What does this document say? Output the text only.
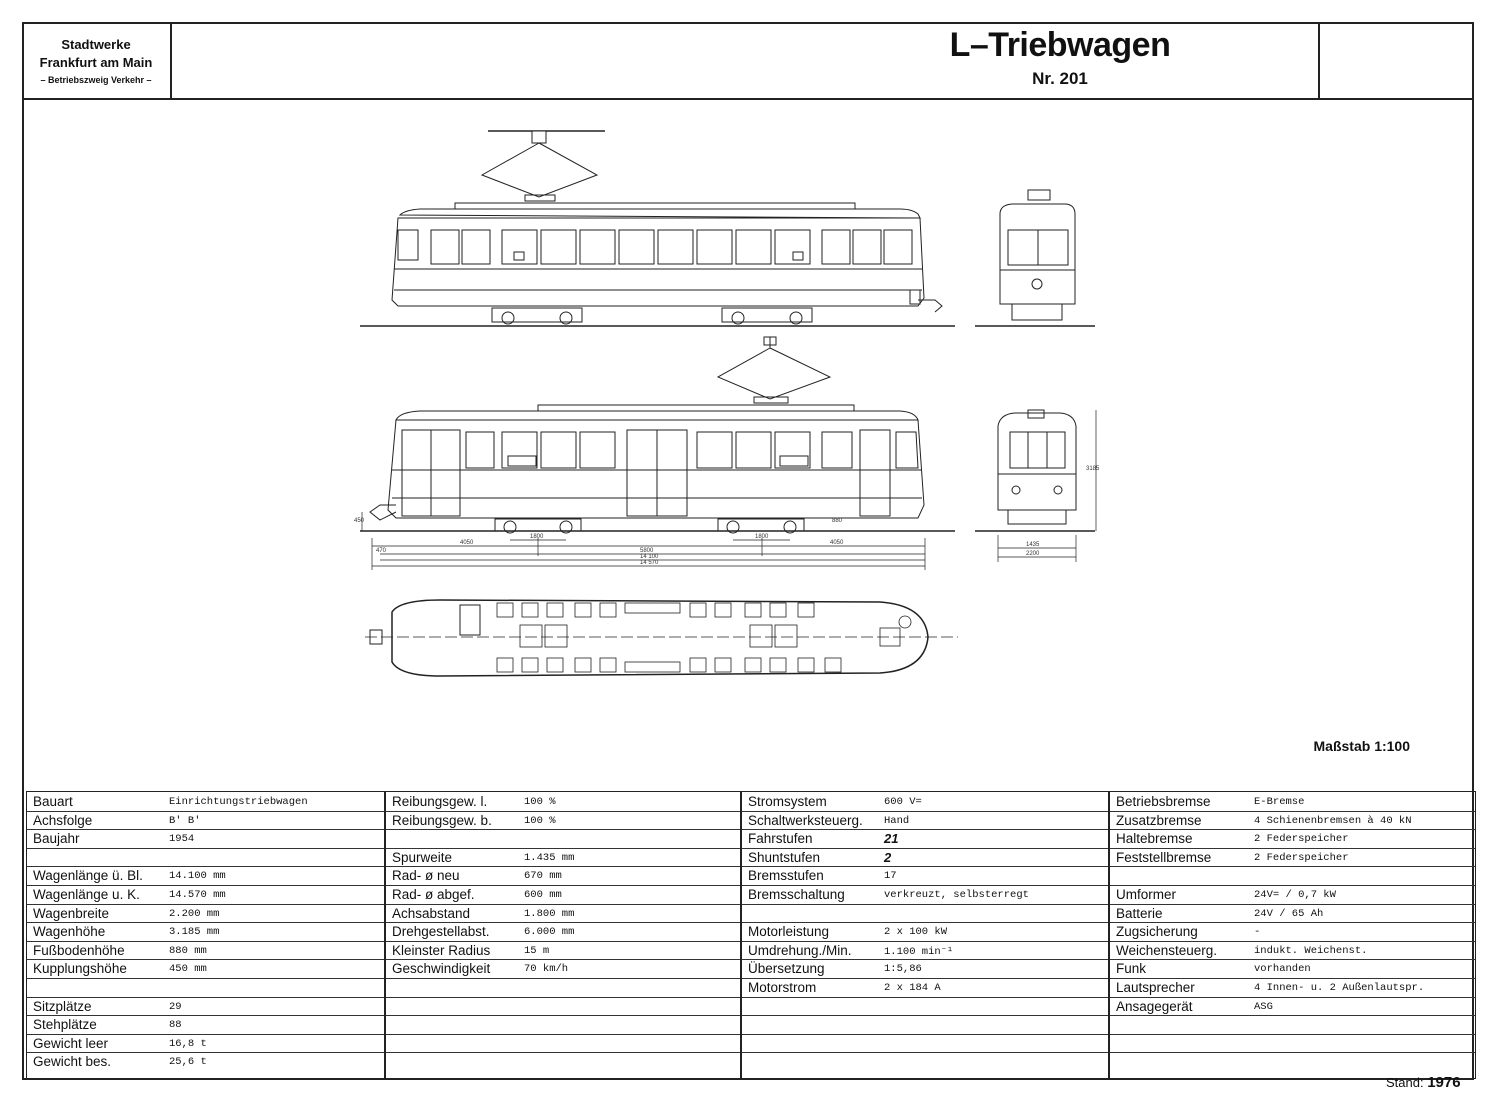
Stadtwerke
Frankfurt am Main
– Betriebszweig Verkehr –
L–Triebwagen
Nr. 201
4050
5800
4050
1800	1800
14 100
14 570
470
450	880
3185
1435
2200
Maßstab 1:100
Bauart	Einrichtungstriebwagen
Achsfolge	B' B'
Baujahr	1954
Wagenlänge ü. Bl. 14.100 mm
Wagenlänge u. K.	14.570 mm
Wagenbreite	2.200 mm
Wagenhöhe	3.185 mm
Fußbodenhöhe	880 mm
Kupplungshöhe	450 mm
Sitzplätze	29
Stehplätze	88
Gewicht leer	16,8 t
Gewicht bes.	25,6 t
Reibungsgew. l.	100 %
Reibungsgew. b.	100 %
Spurweite	1.435 mm
Rad- ø neu	670 mm
Rad- ø abgef.	600 mm
Achsabstand	1.800 mm
Drehgestellabst.	6.000 mm
Kleinster Radius	15 m
Geschwindigkeit	70 km/h
Stromsystem	600 V=
Schaltwerksteuerg. Hand
Fahrstufen	21
Shuntstufen	2
Bremsstufen	17
Bremsschaltung	verkreuzt, selbsterregt
Motorleistung	2 x 100 kW
Umdrehung./Min.	1.100 min⁻¹
Übersetzung	1:5,86
Motorstrom	2 x 184 A
Betriebsbremse	E-Bremse
Zusatzbremse	4 Schienenbremsen à 40 kN
Haltebremse	2 Federspeicher
Feststellbremse	2 Federspeicher
Umformer	24V= / 0,7 kW
Batterie	24V / 65 Ah
Zugsicherung	-
Weichensteuerg.	indukt. Weichenst.
Funk	vorhanden
Lautsprecher	4 Innen- u. 2 Außenlautspr.
Ansagegerät	ASG
Stand: 1976
